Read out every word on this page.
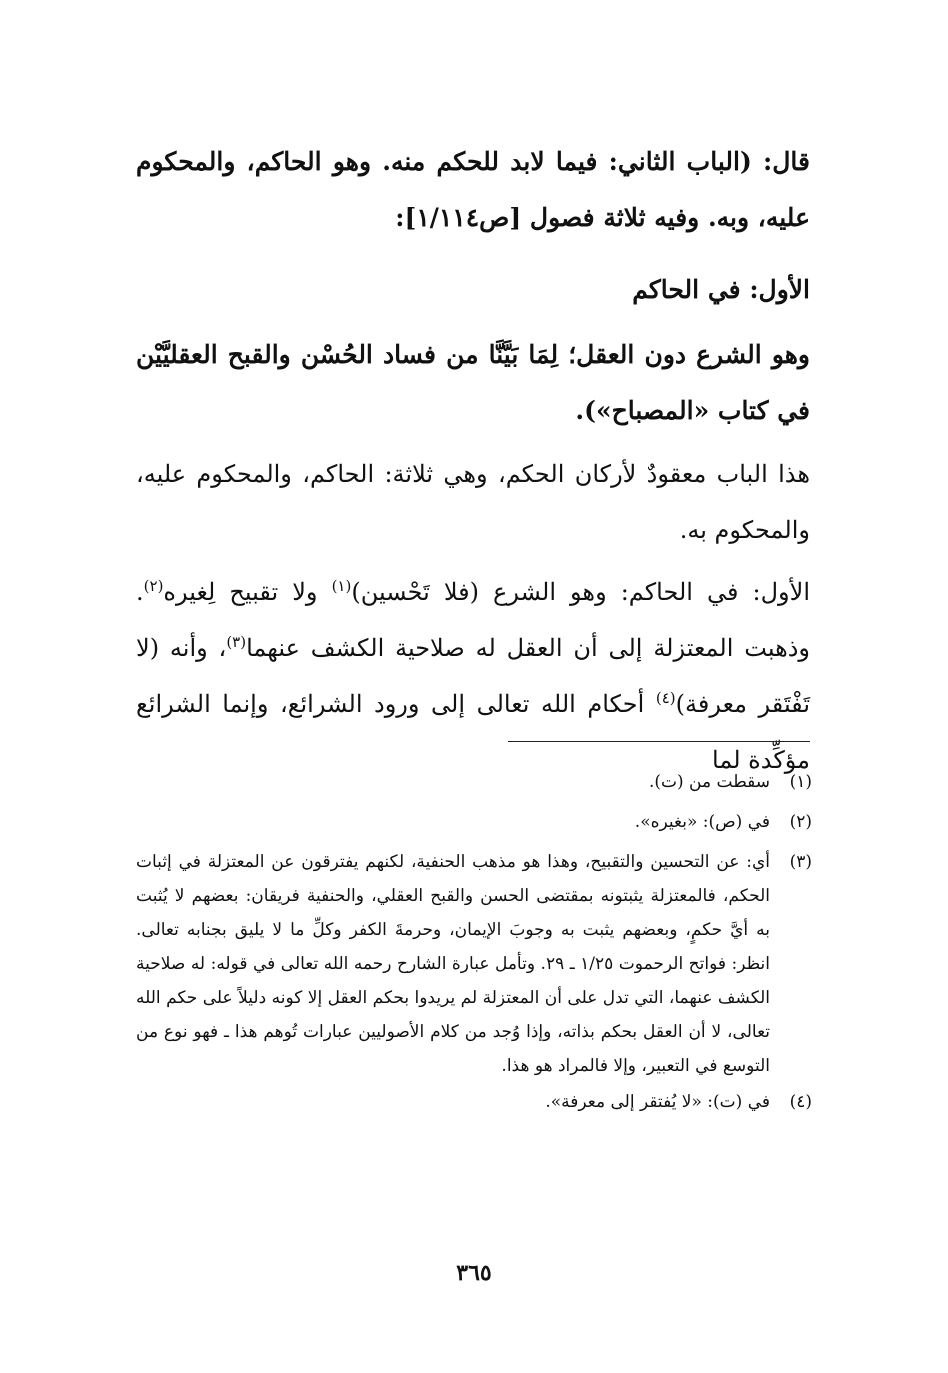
قال: (الباب الثاني: فيما لابد للحكم منه. وهو الحاكم، والمحكوم عليه، وبه. وفيه ثلاثة فصول [ص١/١١٤]:
الأول: في الحاكم
وهو الشرع دون العقل؛ لِمَا بَيَّنَّا من فساد الحُسْن والقبح العقليَّيْن في كتاب «المصباح»).
هذا الباب معقودٌ لأركان الحكم، وهي ثلاثة: الحاكم، والمحكوم عليه، والمحكوم به.
الأول: في الحاكم: وهو الشرع (فلا تَحْسين)$^{(١)}$ ولا تقبيح لِغيره$^{(٢)}$. وذهبت المعتزلة إلى أن العقل له صلاحية الكشف عنهما$^{(٣)}$، وأنه (لا تَفْتَقر معرفة)$^{(٤)}$ أحكام الله تعالى إلى ورود الشرائع، وإنما الشرائع مؤكِّدة لما
(١)
سقطت من (ت).
(٢)
في (ص): «بغيره».
(٣)
أي: عن التحسين والتقبيح، وهذا هو مذهب الحنفية، لكنهم يفترقون عن المعتزلة في إثبات الحكم، فالمعتزلة يثبتونه بمقتضى الحسن والقبح العقلي، والحنفية فريقان: بعضهم لا يُثبت به أيَّ حكمٍ، وبعضهم يثبت به وجوبَ الإيمان، وحرمةَ الكفر وكلِّ ما لا يليق بجنابه تعالى. انظر: فواتح الرحموت ١/٢٥ ـ ٢٩. وتأمل عبارة الشارح رحمه الله تعالى في قوله: له صلاحية الكشف عنهما، التي تدل على أن المعتزلة لم يريدوا بحكم العقل إلا كونه دليلاً على حكم الله تعالى، لا أن العقل بحكم بذاته، وإذا وُجد من كلام الأصوليين عبارات تُوهم هذا ـ فهو نوع من التوسع في التعبير، وإلا فالمراد هو هذا.
(٤)
في (ت): «لا يُفتقر إلى معرفة».
٣٦٥
